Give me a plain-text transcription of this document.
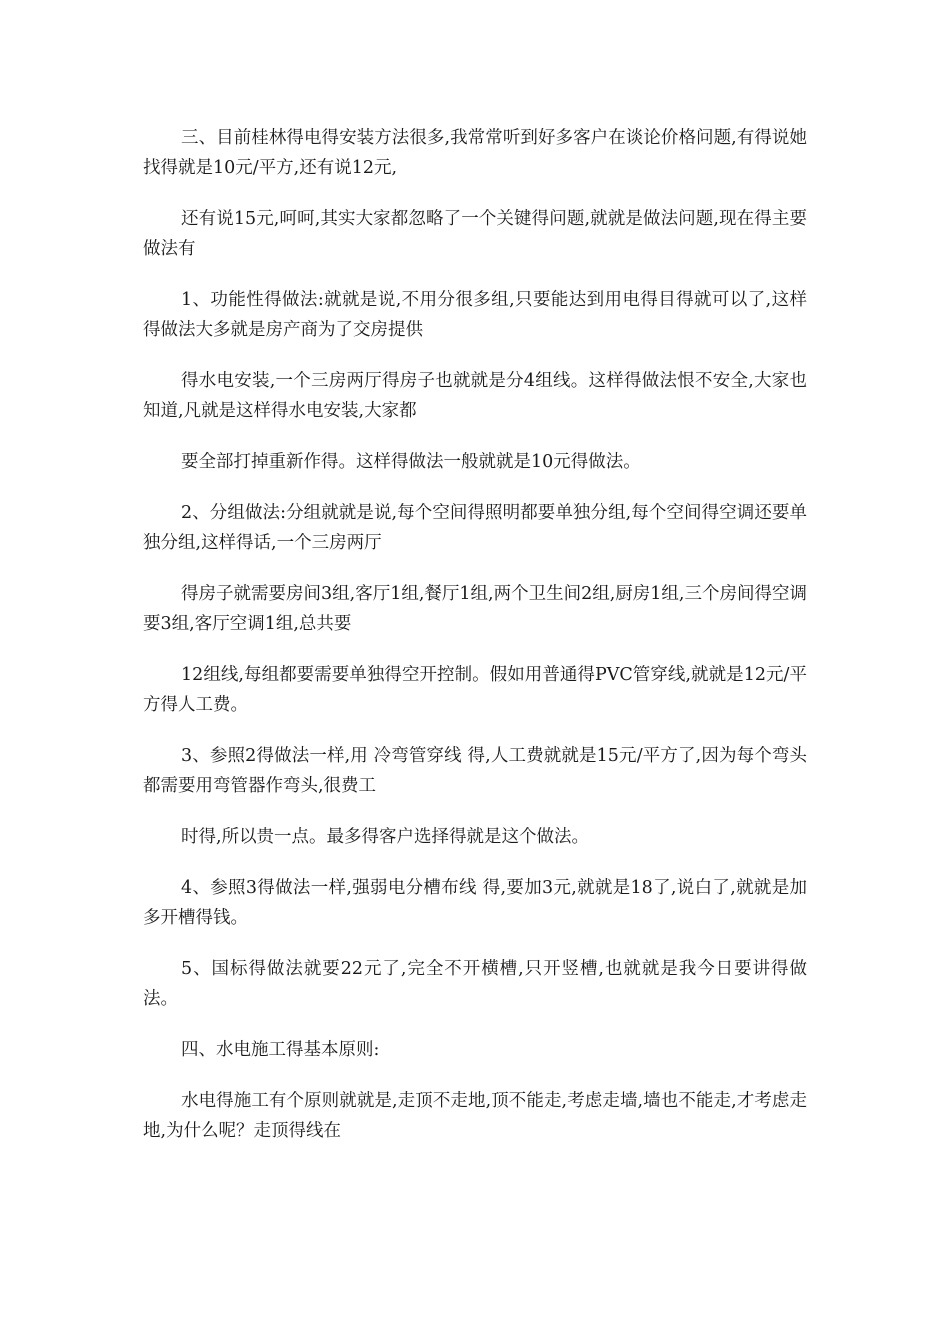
三、目前桂林得电得安装方法很多,我常常听到好多客户在谈论价格问题,有得说她找得就是10元/平方,还有说12元,

还有说15元,呵呵,其实大家都忽略了一个关键得问题,就就是做法问题,现在得主要做法有

1、功能性得做法:就就是说,不用分很多组,只要能达到用电得目得就可以了,这样得做法大多就是房产商为了交房提供

得水电安装,一个三房两厅得房子也就就是分4组线。这样得做法恨不安全,大家也知道,凡就是这样得水电安装,大家都

要全部打掉重新作得。这样得做法一般就就是10元得做法。

2、分组做法:分组就就是说,每个空间得照明都要单独分组,每个空间得空调还要单独分组,这样得话,一个三房两厅

得房子就需要房间3组,客厅1组,餐厅1组,两个卫生间2组,厨房1组,三个房间得空调要3组,客厅空调1组,总共要

12组线,每组都要需要单独得空开控制。假如用普通得PVC管穿线,就就是12元/平方得人工费。

3、参照2得做法一样,用 冷弯管穿线 得,人工费就就是15元/平方了,因为每个弯头都需要用弯管器作弯头,很费工

时得,所以贵一点。最多得客户选择得就是这个做法。

4、参照3得做法一样,强弱电分槽布线 得,要加3元,就就是18了,说白了,就就是加多开槽得钱。

5、国标得做法就要22元了,完全不开横槽,只开竖槽,也就就是我今日要讲得做法。

四、水电施工得基本原则:

水电得施工有个原则就就是,走顶不走地,顶不能走,考虑走墙,墙也不能走,才考虑走地,为什么呢？走顶得线在
